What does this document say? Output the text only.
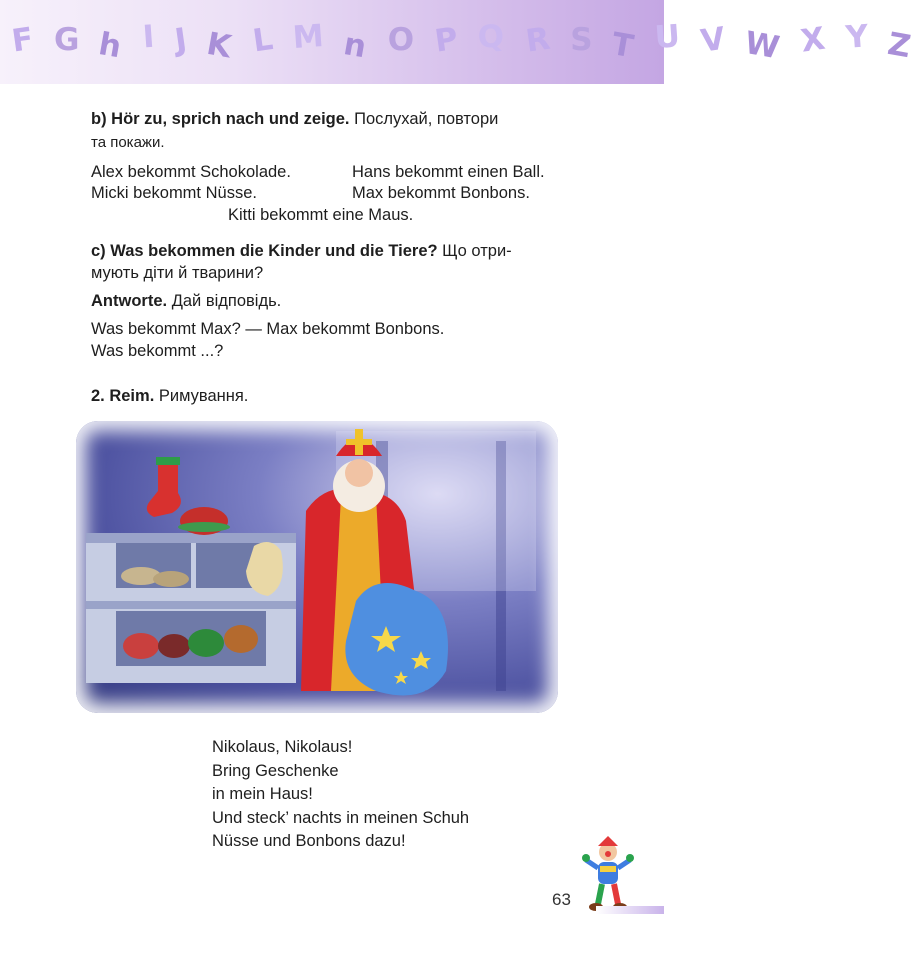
F G h I J K L M n O P Q R S T U V W X Y Z
b) Hör zu, sprich nach und zeige. Послухай, повтори
та покажи.
Alex bekommt Schokolade.	Hans bekommt einen Ball.
Micki bekommt Nüsse.	Max bekommt Bonbons.
Kitti bekommt eine Maus.
c) Was bekommen die Kinder und die Tiere? Що отри-
мують діти й тварини?
Antworte. Дай відповідь.
Was bekommt Max? — Max bekommt Bonbons.
Was bekommt ...?
2. Reim. Римування.
Nikolaus, Nikolaus!
Bring Geschenke
in mein Haus!
Und steck’ nachts in meinen Schuh
Nüsse und Bonbons dazu!
63
